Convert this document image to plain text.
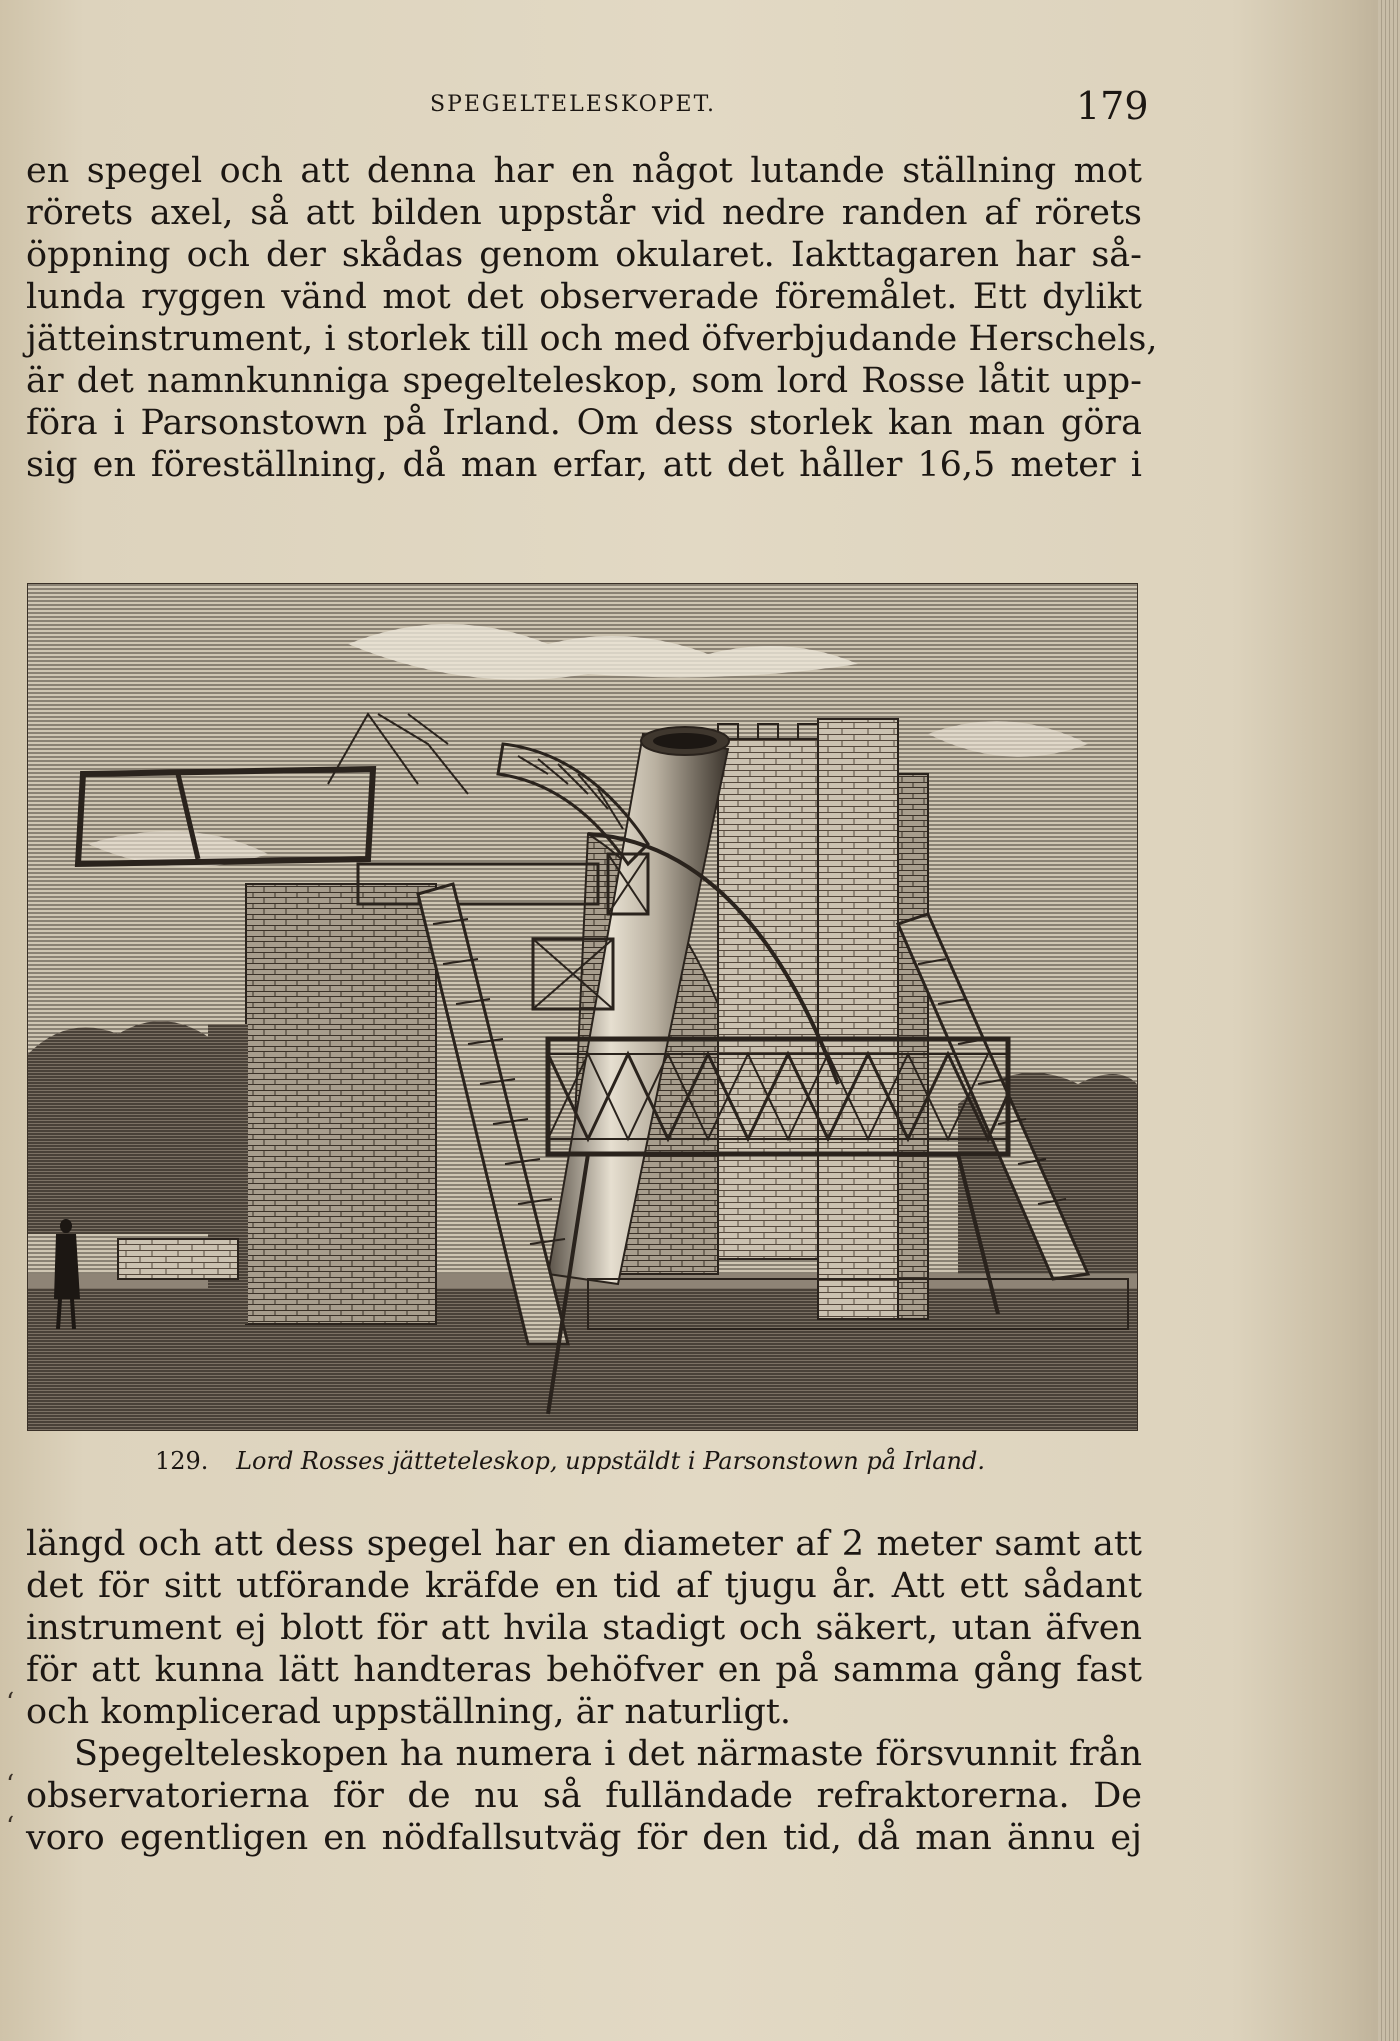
SPEGELTELESKOPET.	179
en spegel och att denna har en något lutande ställning mot
rörets axel, så att bilden uppstår vid nedre randen af rörets
öppning och der skådas genom okularet. Iakttagaren har så-
lunda ryggen vänd mot det observerade föremålet. Ett dylikt
jätteinstrument, i storlek till och med öfverbjudande Herschels,
är det namnkunniga spegelteleskop, som lord Rosse låtit upp-
föra i Parsonstown på Irland. Om dess storlek kan man göra
sig en föreställning, då man erfar, att det håller 16,5 meter i
129. Lord Rosses jätteteleskop, uppstäldt i Parsonstown på Irland.
längd och att dess spegel har en diameter af 2 meter samt att
det för sitt utförande kräfde en tid af tjugu år. Att ett sådant
instrument ej blott för att hvila stadigt och säkert, utan äfven
för att kunna lätt handteras behöfver en på samma gång fast
och komplicerad uppställning, är naturligt.
Spegelteleskopen ha numera i det närmaste försvunnit från
observatorierna för de nu så fulländade refraktorerna. De
voro egentligen en nödfallsutväg för den tid, då man ännu ej
‘
‘
‘
